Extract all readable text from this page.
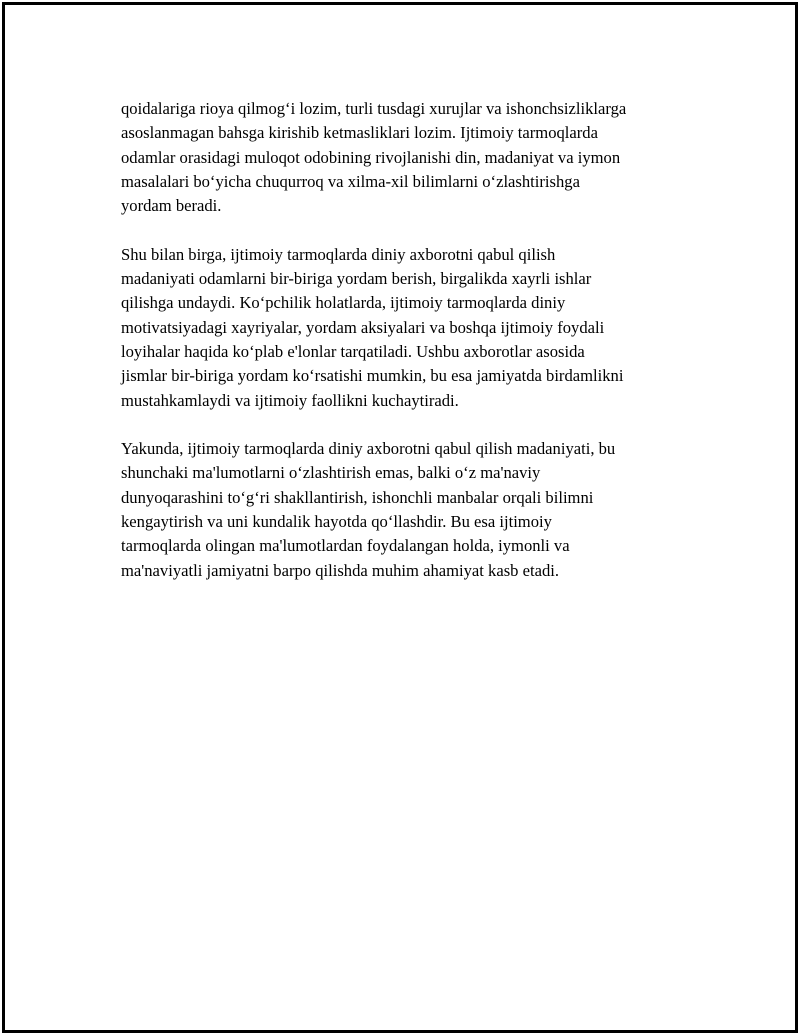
qoidalariga rioya qilmog‘i lozim, turli tusdagi xurujlar va ishonchsizliklarga
asoslanmagan bahsga kirishib ketmasliklari lozim. Ijtimoiy tarmoqlarda
odamlar orasidagi muloqot odobining rivojlanishi din, madaniyat va iymon
masalalari bo‘yicha chuqurroq va xilma-xil bilimlarni o‘zlashtirishga
yordam beradi.

Shu bilan birga, ijtimoiy tarmoqlarda diniy axborotni qabul qilish
madaniyati odamlarni bir-biriga yordam berish, birgalikda xayrli ishlar
qilishga undaydi. Ko‘pchilik holatlarda, ijtimoiy tarmoqlarda diniy
motivatsiyadagi xayriyalar, yordam aksiyalari va boshqa ijtimoiy foydali
loyihalar haqida ko‘plab e'lonlar tarqatiladi. Ushbu axborotlar asosida
jismlar bir-biriga yordam ko‘rsatishi mumkin, bu esa jamiyatda birdamlikni
mustahkamlaydi va ijtimoiy faollikni kuchaytiradi.

Yakunda, ijtimoiy tarmoqlarda diniy axborotni qabul qilish madaniyati, bu
shunchaki ma'lumotlarni o‘zlashtirish emas, balki o‘z ma'naviy
dunyoqarashini to‘g‘ri shakllantirish, ishonchli manbalar orqali bilimni
kengaytirish va uni kundalik hayotda qo‘llashdir. Bu esa ijtimoiy
tarmoqlarda olingan ma'lumotlardan foydalangan holda, iymonli va
ma'naviyatli jamiyatni barpo qilishda muhim ahamiyat kasb etadi.
